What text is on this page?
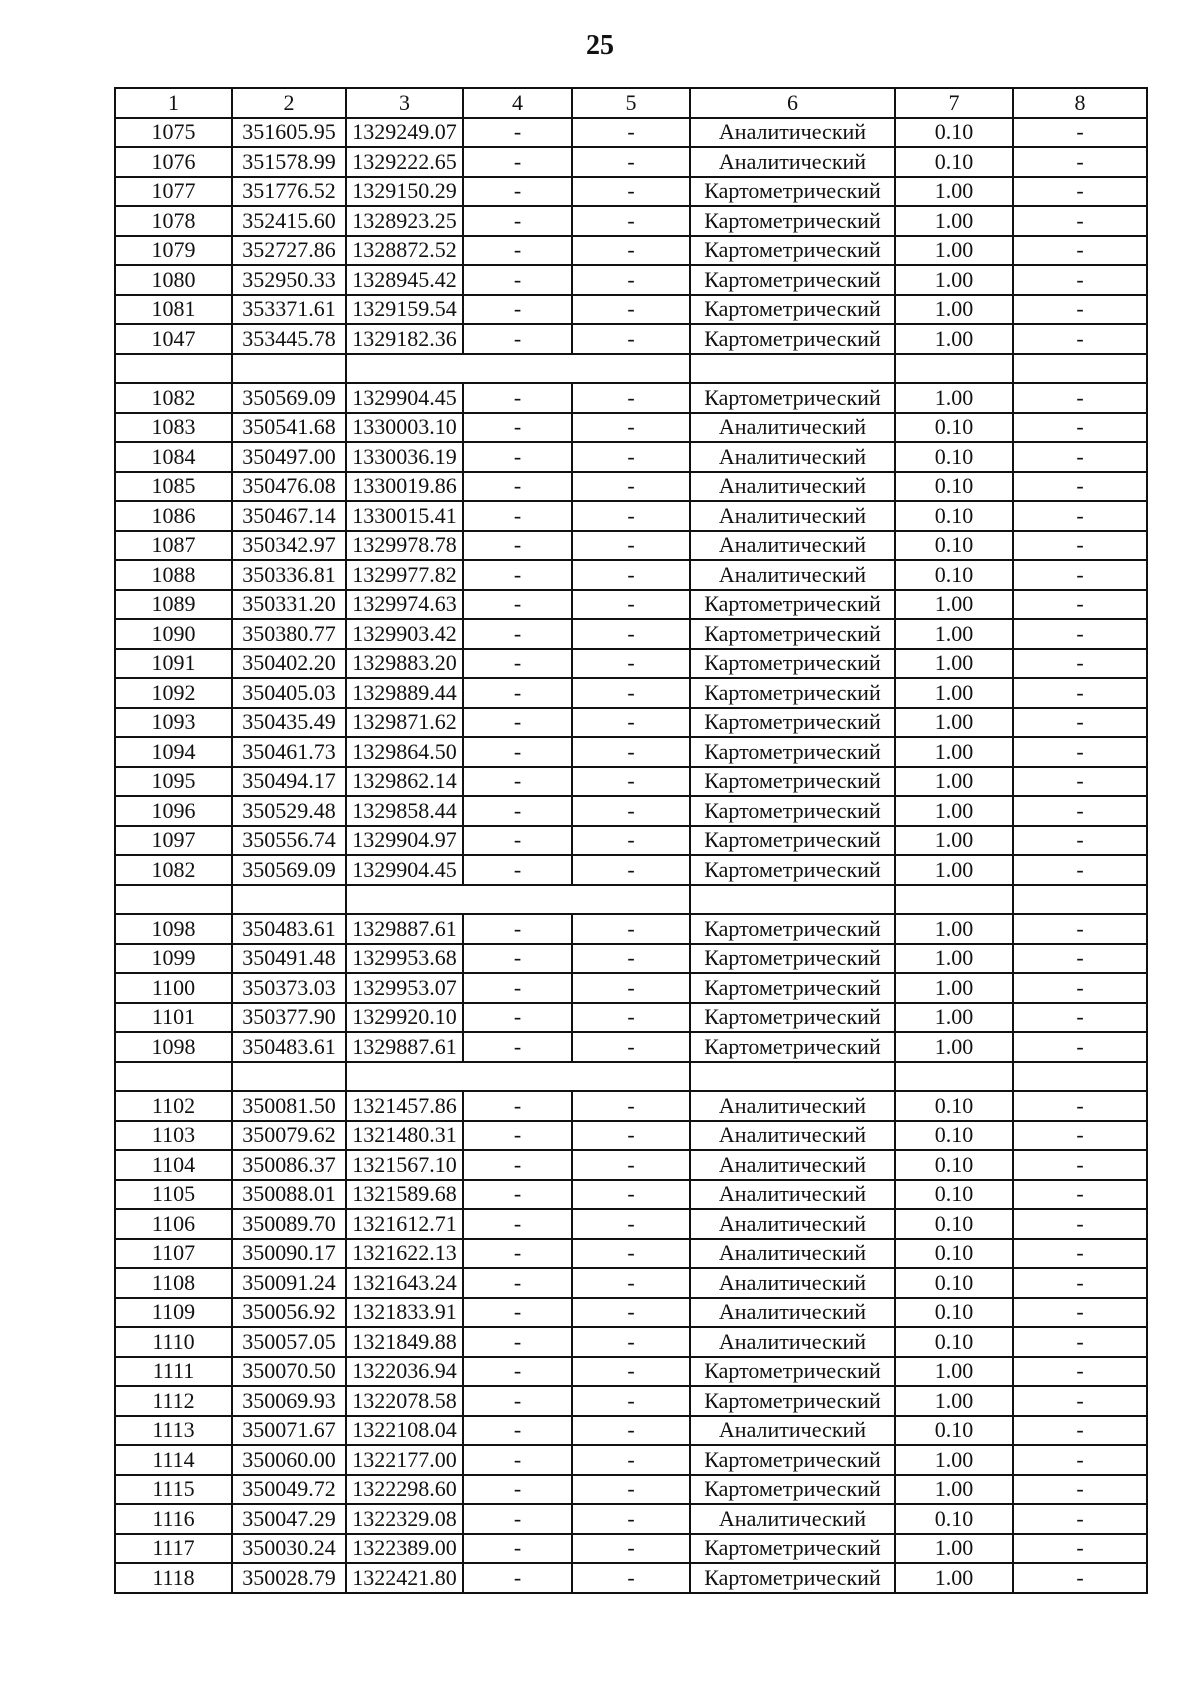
25
1	2	3	4	5	6	7	8
1075	351605.95	1329249.07	-	-	Аналитический	0.10	-
1076	351578.99	1329222.65	-	-	Аналитический	0.10	-
1077	351776.52	1329150.29	-	-	Картометрический	1.00	-
1078	352415.60	1328923.25	-	-	Картометрический	1.00	-
1079	352727.86	1328872.52	-	-	Картометрический	1.00	-
1080	352950.33	1328945.42	-	-	Картометрический	1.00	-
1081	353371.61	1329159.54	-	-	Картометрический	1.00	-
1047	353445.78	1329182.36	-	-	Картометрический	1.00	-

1082	350569.09	1329904.45	-	-	Картометрический	1.00	-
1083	350541.68	1330003.10	-	-	Аналитический	0.10	-
1084	350497.00	1330036.19	-	-	Аналитический	0.10	-
1085	350476.08	1330019.86	-	-	Аналитический	0.10	-
1086	350467.14	1330015.41	-	-	Аналитический	0.10	-
1087	350342.97	1329978.78	-	-	Аналитический	0.10	-
1088	350336.81	1329977.82	-	-	Аналитический	0.10	-
1089	350331.20	1329974.63	-	-	Картометрический	1.00	-
1090	350380.77	1329903.42	-	-	Картометрический	1.00	-
1091	350402.20	1329883.20	-	-	Картометрический	1.00	-
1092	350405.03	1329889.44	-	-	Картометрический	1.00	-
1093	350435.49	1329871.62	-	-	Картометрический	1.00	-
1094	350461.73	1329864.50	-	-	Картометрический	1.00	-
1095	350494.17	1329862.14	-	-	Картометрический	1.00	-
1096	350529.48	1329858.44	-	-	Картометрический	1.00	-
1097	350556.74	1329904.97	-	-	Картометрический	1.00	-
1082	350569.09	1329904.45	-	-	Картометрический	1.00	-

1098	350483.61	1329887.61	-	-	Картометрический	1.00	-
1099	350491.48	1329953.68	-	-	Картометрический	1.00	-
1100	350373.03	1329953.07	-	-	Картометрический	1.00	-
1101	350377.90	1329920.10	-	-	Картометрический	1.00	-
1098	350483.61	1329887.61	-	-	Картометрический	1.00	-

1102	350081.50	1321457.86	-	-	Аналитический	0.10	-
1103	350079.62	1321480.31	-	-	Аналитический	0.10	-
1104	350086.37	1321567.10	-	-	Аналитический	0.10	-
1105	350088.01	1321589.68	-	-	Аналитический	0.10	-
1106	350089.70	1321612.71	-	-	Аналитический	0.10	-
1107	350090.17	1321622.13	-	-	Аналитический	0.10	-
1108	350091.24	1321643.24	-	-	Аналитический	0.10	-
1109	350056.92	1321833.91	-	-	Аналитический	0.10	-
1110	350057.05	1321849.88	-	-	Аналитический	0.10	-
1111	350070.50	1322036.94	-	-	Картометрический	1.00	-
1112	350069.93	1322078.58	-	-	Картометрический	1.00	-
1113	350071.67	1322108.04	-	-	Аналитический	0.10	-
1114	350060.00	1322177.00	-	-	Картометрический	1.00	-
1115	350049.72	1322298.60	-	-	Картометрический	1.00	-
1116	350047.29	1322329.08	-	-	Аналитический	0.10	-
1117	350030.24	1322389.00	-	-	Картометрический	1.00	-
1118	350028.79	1322421.80	-	-	Картометрический	1.00	-
